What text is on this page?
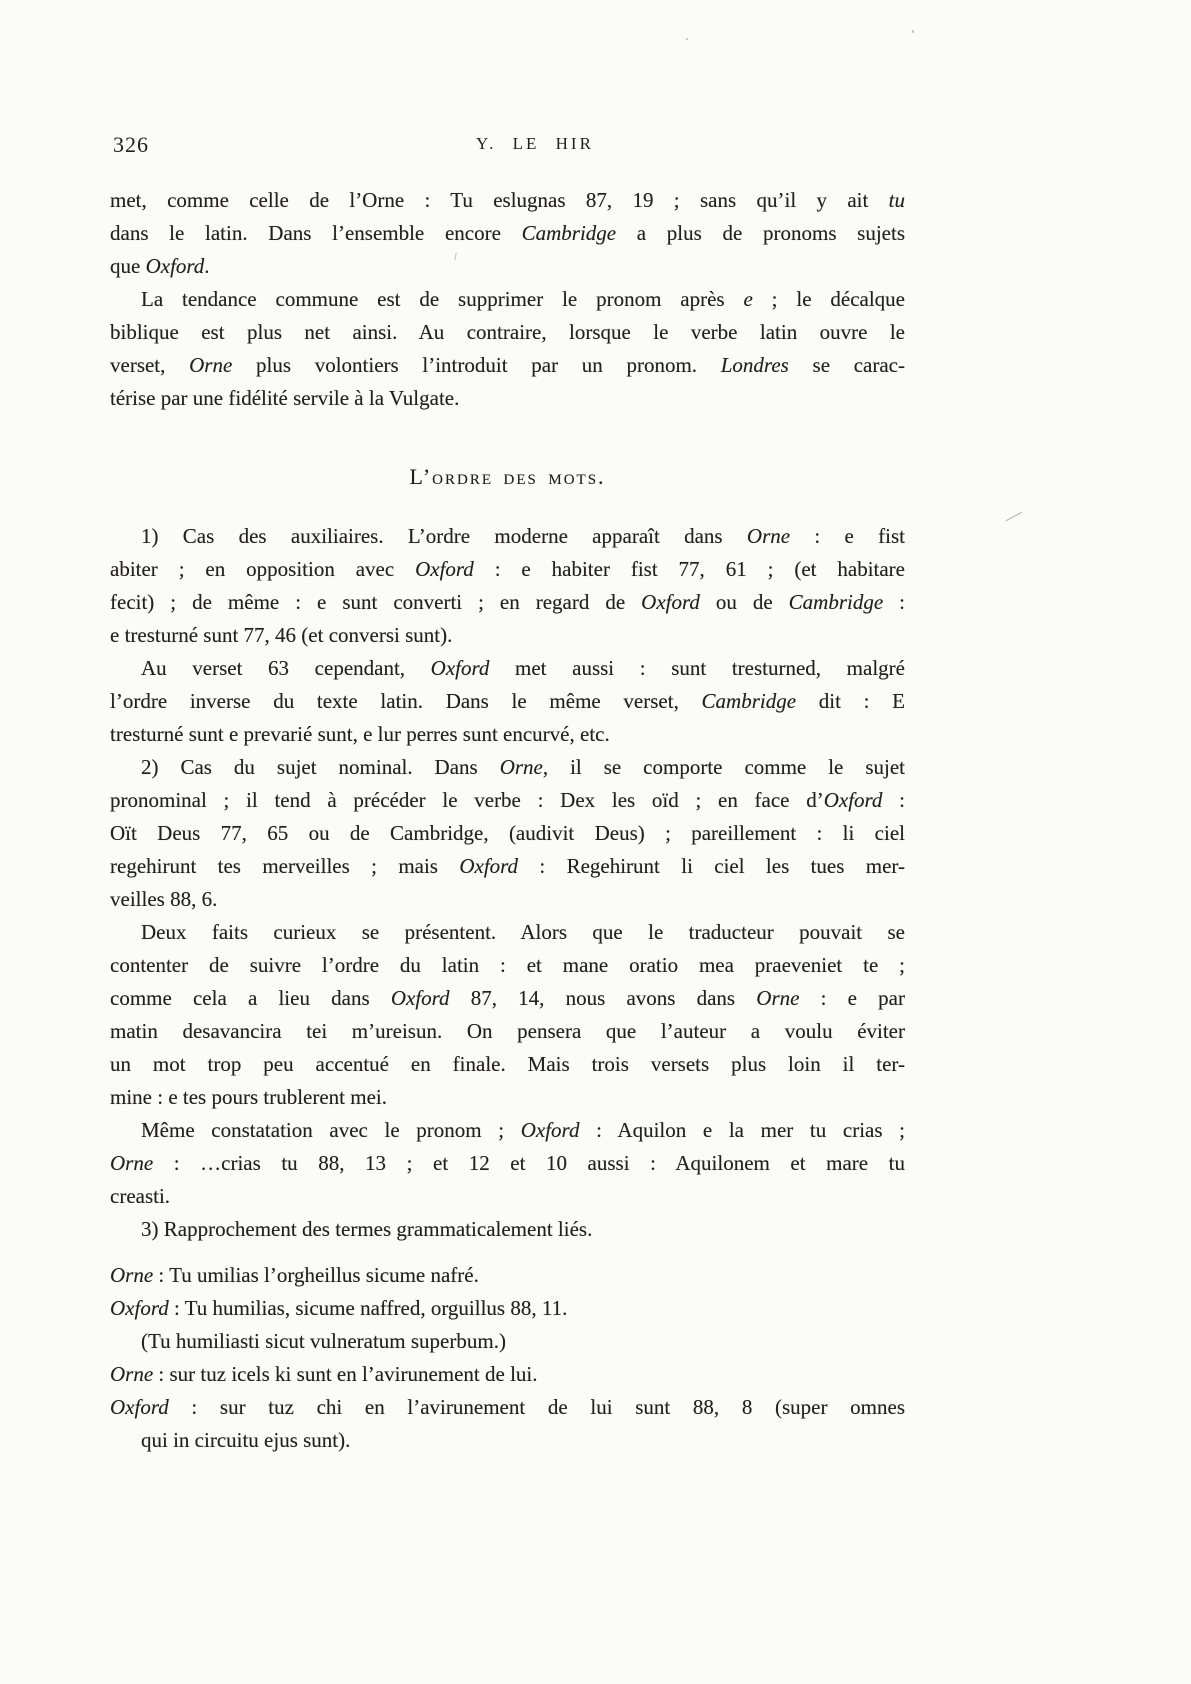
326	Y. LE HIR
met, comme celle de l’Orne : Tu eslugnas 87, 19 ; sans qu’il y ait tu
dans le latin. Dans l’ensemble encore Cambridge a plus de pronoms sujets
que Oxford.
La tendance commune est de supprimer le pronom après e ; le décalque
biblique est plus net ainsi. Au contraire, lorsque le verbe latin ouvre le
verset, Orne plus volontiers l’introduit par un pronom. Londres se carac-
térise par une fidélité servile à la Vulgate.
L’ordre des mots.
1) Cas des auxiliaires. L’ordre moderne apparaît dans Orne : e fist
abiter ; en opposition avec Oxford : e habiter fist 77, 61 ; (et habitare
fecit) ; de même : e sunt converti ; en regard de Oxford ou de Cambridge :
e tresturné sunt 77, 46 (et conversi sunt).
Au verset 63 cependant, Oxford met aussi : sunt tresturned, malgré
l’ordre inverse du texte latin. Dans le même verset, Cambridge dit : E
tresturné sunt e prevarié sunt, e lur perres sunt encurvé, etc.
2) Cas du sujet nominal. Dans Orne, il se comporte comme le sujet
pronominal ; il tend à précéder le verbe : Dex les oïd ; en face d’Oxford :
Oït Deus 77, 65 ou de Cambridge, (audivit Deus) ; pareillement : li ciel
regehirunt tes merveilles ; mais Oxford : Regehirunt li ciel les tues mer-
veilles 88, 6.
Deux faits curieux se présentent. Alors que le traducteur pouvait se
contenter de suivre l’ordre du latin : et mane oratio mea praeveniet te ;
comme cela a lieu dans Oxford 87, 14, nous avons dans Orne : e par
matin desavancira tei m’ureisun. On pensera que l’auteur a voulu éviter
un mot trop peu accentué en finale. Mais trois versets plus loin il ter-
mine : e tes pours trublerent mei.
Même constatation avec le pronom ; Oxford : Aquilon e la mer tu crias ;
Orne : …crias tu 88, 13 ; et 12 et 10 aussi : Aquilonem et mare tu
creasti.
3) Rapprochement des termes grammaticalement liés.
Orne : Tu umilias l’orgheillus sicume nafré.
Oxford : Tu humilias, sicume naffred, orguillus 88, 11.
(Tu humiliasti sicut vulneratum superbum.)
Orne : sur tuz icels ki sunt en l’avirunement de lui.
Oxford : sur tuz chi en l’avirunement de lui sunt 88, 8 (super omnes
qui in circuitu ejus sunt).
